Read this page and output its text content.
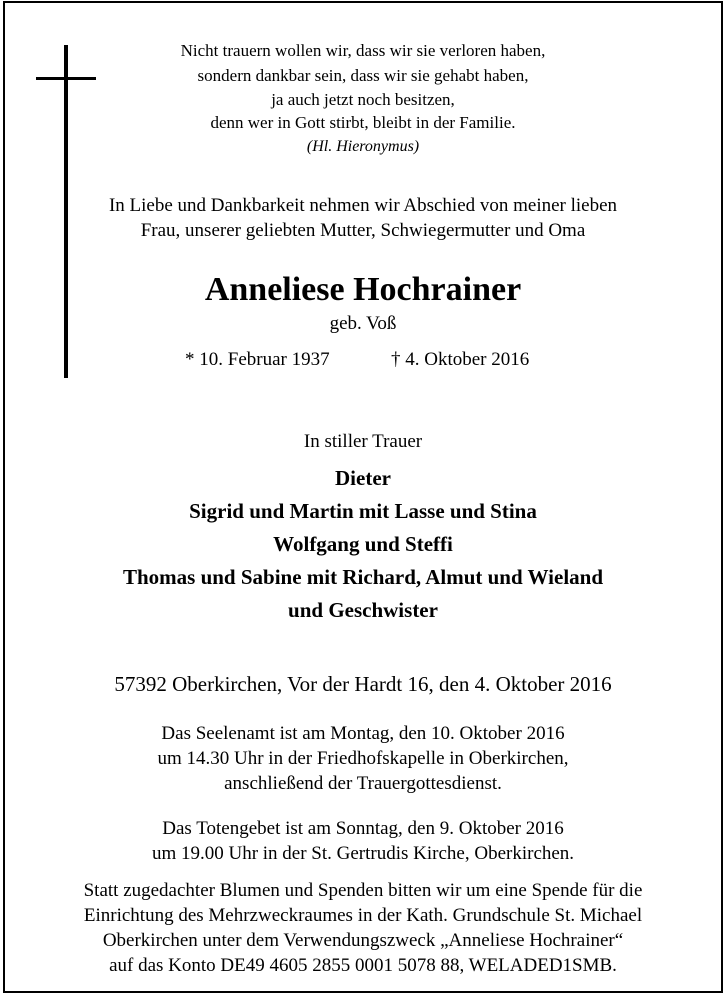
Nicht trauern wollen wir, dass wir sie verloren haben,
sondern dankbar sein, dass wir sie gehabt haben,
ja auch jetzt noch besitzen,
denn wer in Gott stirbt, bleibt in der Familie.
(Hl. Hieronymus)
In Liebe und Dankbarkeit nehmen wir Abschied von meiner lieben
Frau, unserer geliebten Mutter, Schwiegermutter und Oma
Anneliese Hochrainer
geb. Voß
* 10. Februar 1937	† 4. Oktober 2016
In stiller Trauer
Dieter
Sigrid und Martin mit Lasse und Stina
Wolfgang und Steffi
Thomas und Sabine mit Richard, Almut und Wieland
und Geschwister
57392 Oberkirchen, Vor der Hardt 16, den 4. Oktober 2016
Das Seelenamt ist am Montag, den 10. Oktober 2016
um 14.30 Uhr in der Friedhofskapelle in Oberkirchen,
anschließend der Trauergottesdienst.
Das Totengebet ist am Sonntag, den 9. Oktober 2016
um 19.00 Uhr in der St. Gertrudis Kirche, Oberkirchen.
Statt zugedachter Blumen und Spenden bitten wir um eine Spende für die
Einrichtung des Mehrzweckraumes in der Kath. Grundschule St. Michael
Oberkirchen unter dem Verwendungszweck „Anneliese Hochrainer“
auf das Konto DE49 4605 2855 0001 5078 88, WELADED1SMB.
